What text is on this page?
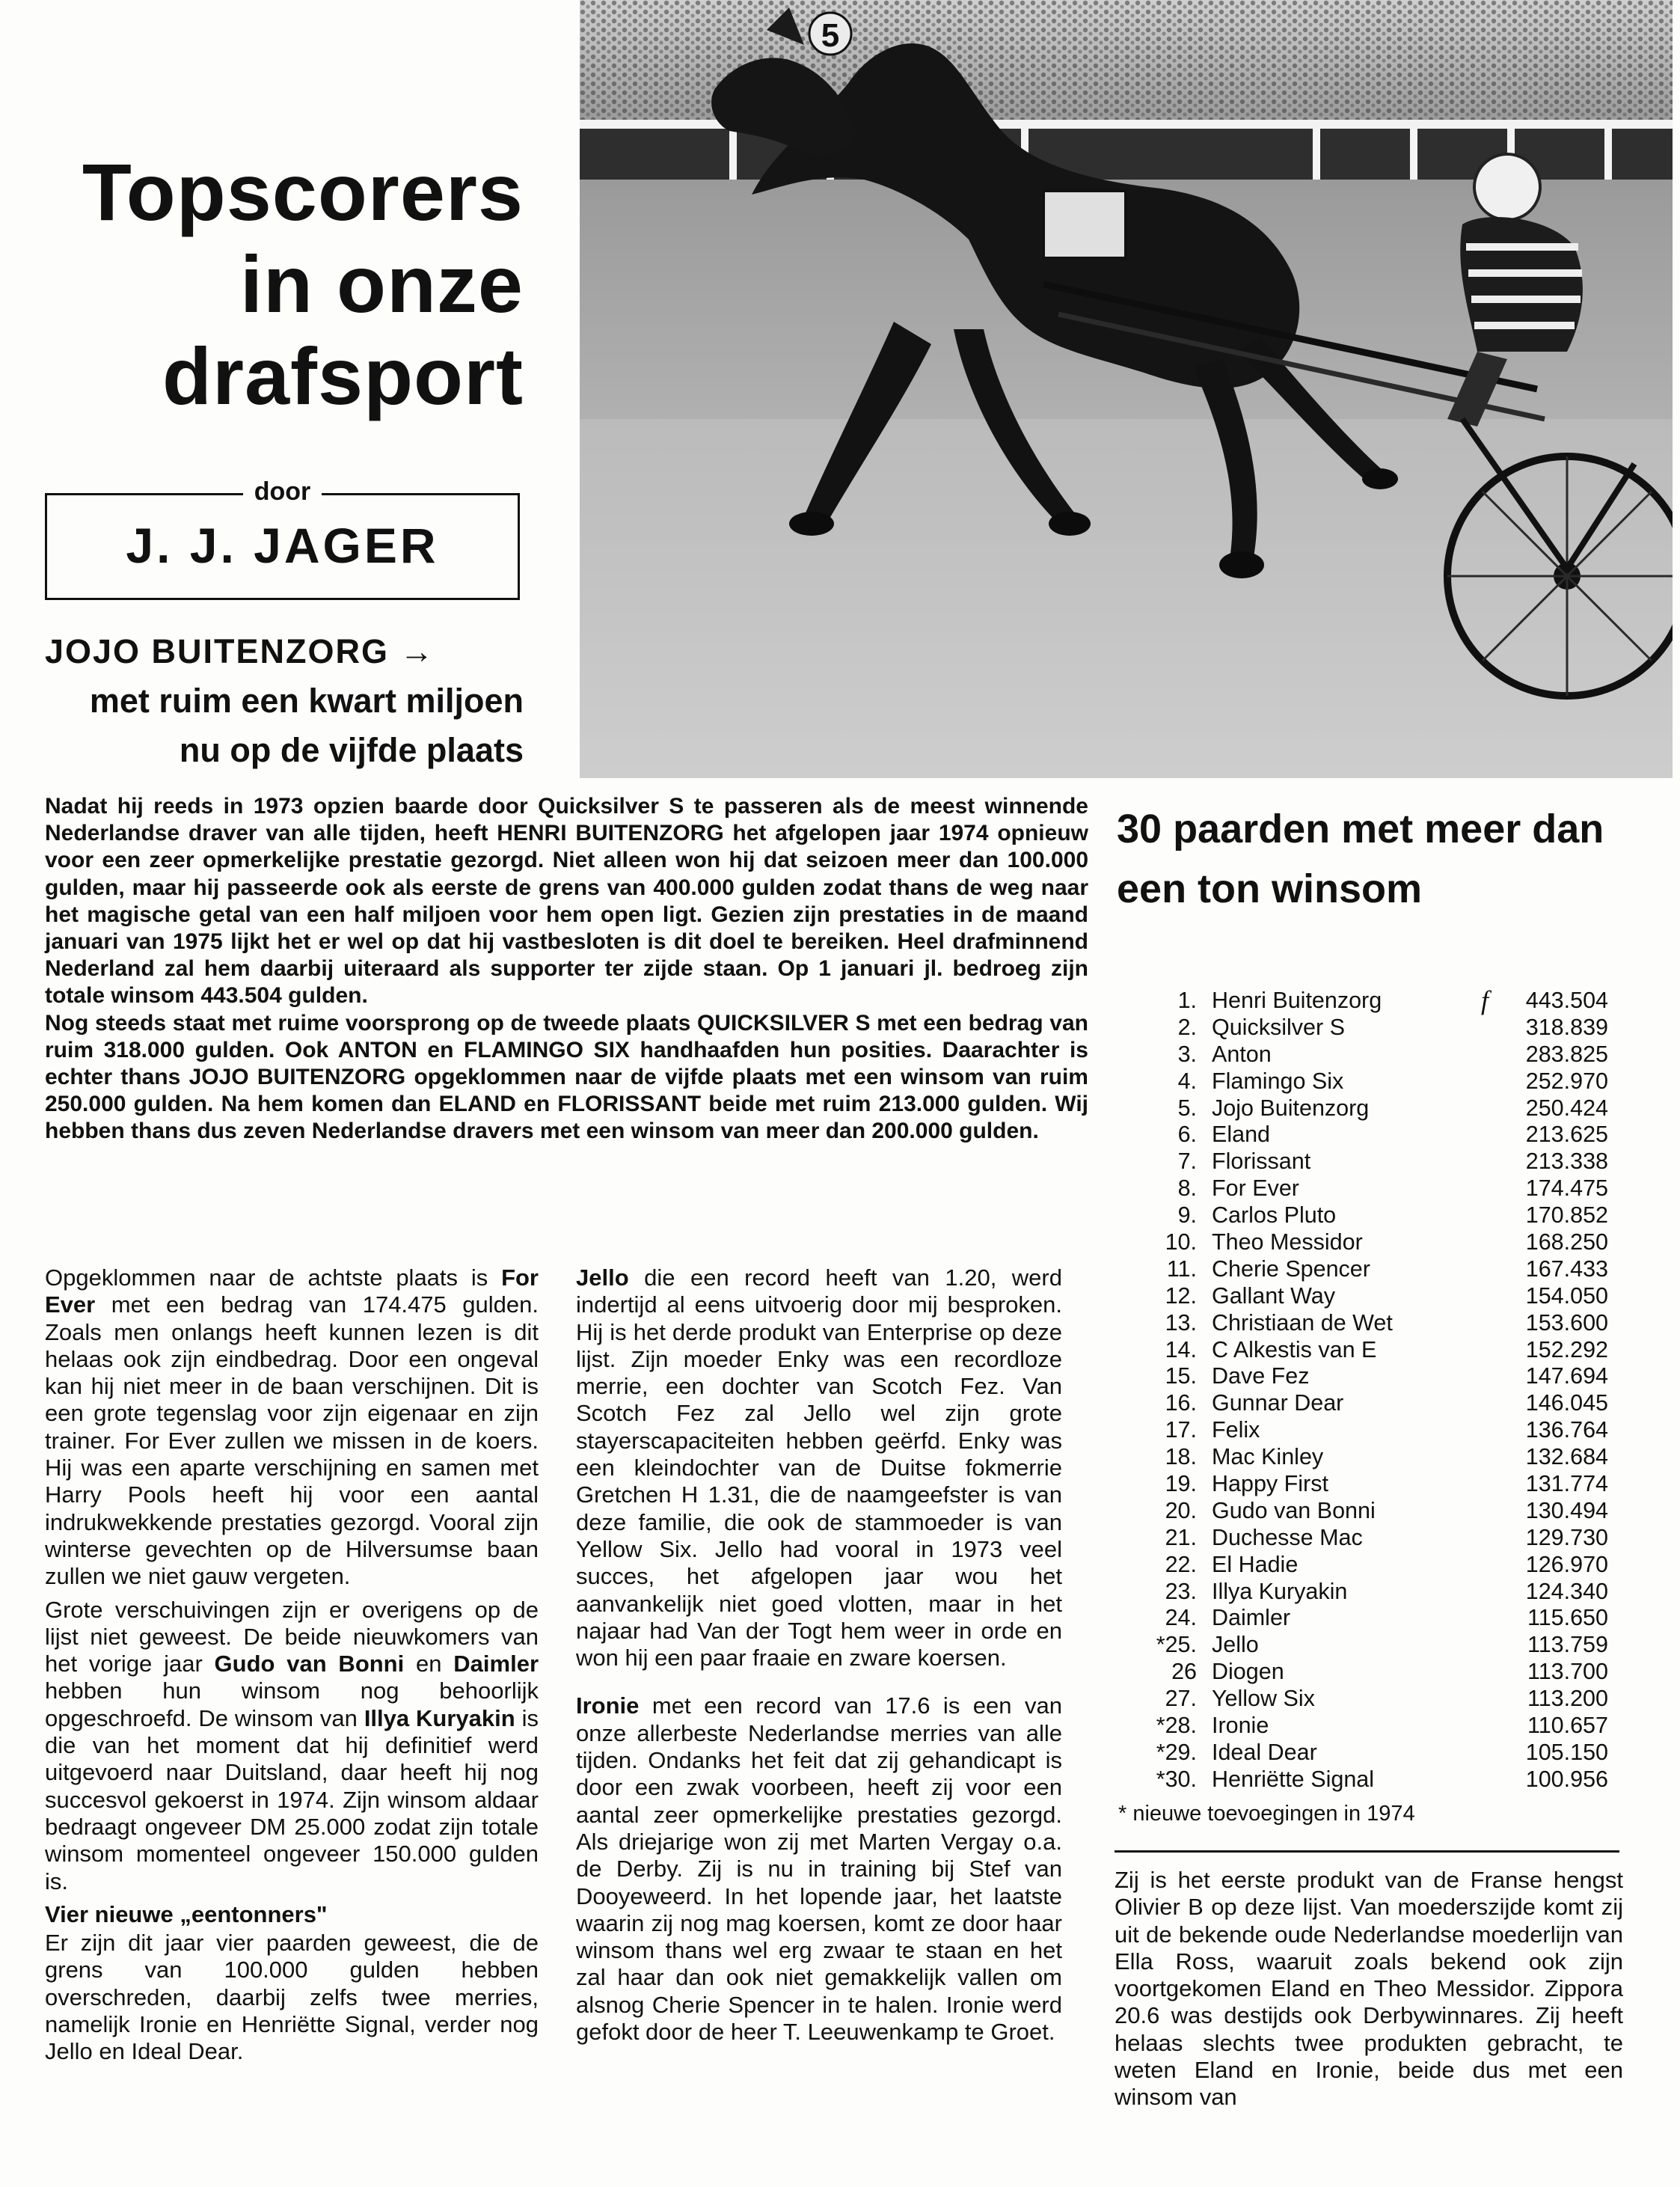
Topscorers
in onze
drafsport
door
J. J. JAGER
JOJO BUITENZORG →
met ruim een kwart miljoen
nu op de vijfde plaats
5

Nadat hij reeds in 1973 opzien baarde door Quicksilver S te passeren als de meest winnende Nederlandse draver van alle tijden, heeft HENRI BUITENZORG het afgelopen jaar 1974 opnieuw voor een zeer opmerkelijke prestatie gezorgd. Niet alleen won hij dat seizoen meer dan 100.000 gulden, maar hij passeerde ook als eerste de grens van 400.000 gulden zodat thans de weg naar het magische getal van een half miljoen voor hem open ligt. Gezien zijn prestaties in de maand januari van 1975 lijkt het er wel op dat hij vastbesloten is dit doel te bereiken. Heel drafminnend Nederland zal hem daarbij uiteraard als supporter ter zijde staan. Op 1 januari jl. bedroeg zijn totale winsom 443.504 gulden.

Nog steeds staat met ruime voorsprong op de tweede plaats QUICKSILVER S met een bedrag van ruim 318.000 gulden. Ook ANTON en FLAMINGO SIX handhaafden hun posities. Daarachter is echter thans JOJO BUITENZORG opgeklommen naar de vijfde plaats met een winsom van ruim 250.000 gulden. Na hem komen dan ELAND en FLORISSANT beide met ruim 213.000 gulden. Wij hebben thans dus zeven Nederlandse dravers met een winsom van meer dan 200.000 gulden.

Opgeklommen naar de achtste plaats is For Ever met een bedrag van 174.475 gulden. Zoals men onlangs heeft kunnen lezen is dit helaas ook zijn eindbedrag. Door een ongeval kan hij niet meer in de baan verschijnen. Dit is een grote tegenslag voor zijn eigenaar en zijn trainer. For Ever zullen we missen in de koers. Hij was een aparte verschijning en samen met Harry Pools heeft hij voor een aantal indrukwekkende prestaties gezorgd. Vooral zijn winterse gevechten op de Hilversumse baan zullen we niet gauw vergeten.

Grote verschuivingen zijn er overigens op de lijst niet geweest. De beide nieuwkomers van het vorige jaar Gudo van Bonni en Daimler hebben hun winsom nog behoorlijk opgeschroefd. De winsom van Illya Kuryakin is die van het moment dat hij definitief werd uitgevoerd naar Duitsland, daar heeft hij nog succesvol gekoerst in 1974. Zijn winsom aldaar bedraagt ongeveer DM 25.000 zodat zijn totale winsom momenteel ongeveer 150.000 gulden is.

Vier nieuwe „eentonners"

Er zijn dit jaar vier paarden geweest, die de grens van 100.000 gulden hebben overschreden, daarbij zelfs twee merries, namelijk Ironie en Henriëtte Signal, verder nog Jello en Ideal Dear.

Jello die een record heeft van 1.20, werd indertijd al eens uitvoerig door mij besproken. Hij is het derde produkt van Enterprise op deze lijst. Zijn moeder Enky was een recordloze merrie, een dochter van Scotch Fez. Van Scotch Fez zal Jello wel zijn grote stayerscapaciteiten hebben geërfd. Enky was een kleindochter van de Duitse fokmerrie Gretchen H 1.31, die de naamgeefster is van deze familie, die ook de stammoeder is van Yellow Six. Jello had vooral in 1973 veel succes, het afgelopen jaar wou het aanvankelijk niet goed vlotten, maar in het najaar had Van der Togt hem weer in orde en won hij een paar fraaie en zware koersen.

Ironie met een record van 17.6 is een van onze allerbeste Nederlandse merries van alle tijden. Ondanks het feit dat zij gehandicapt is door een zwak voorbeen, heeft zij voor een aantal zeer opmerkelijke prestaties gezorgd. Als driejarige won zij met Marten Vergay o.a. de Derby. Zij is nu in training bij Stef van Dooyeweerd. In het lopende jaar, het laatste waarin zij nog mag koersen, komt ze door haar winsom thans wel erg zwaar te staan en het zal haar dan ook niet gemakkelijk vallen om alsnog Cherie Spencer in te halen. Ironie werd gefokt door de heer T. Leeuwenkamp te Groet.

30 paarden met meer dan een ton winsom
1. Henri Buitenzorg	f 443.504
2. Quicksilver S	318.839
3. Anton	283.825
4. Flamingo Six	252.970
5. Jojo Buitenzorg	250.424
6. Eland	213.625
7. Florissant	213.338
8. For Ever	174.475
9. Carlos Pluto	170.852
10. Theo Messidor	168.250
11. Cherie Spencer	167.433
12. Gallant Way	154.050
13. Christiaan de Wet	153.600
14. C Alkestis van E	152.292
15. Dave Fez	147.694
16. Gunnar Dear	146.045
17. Felix	136.764
18. Mac Kinley	132.684
19. Happy First	131.774
20. Gudo van Bonni	130.494
21. Duchesse Mac	129.730
22. El Hadie	126.970
23. Illya Kuryakin	124.340
24. Daimler	115.650
*25. Jello	113.759
26 Diogen	113.700
27. Yellow Six	113.200
*28. Ironie	110.657
*29. Ideal Dear	105.150
*30. Henriëtte Signal	100.956
* nieuwe toevoegingen in 1974

Zij is het eerste produkt van de Franse hengst Olivier B op deze lijst. Van moederszijde komt zij uit de bekende oude Nederlandse moederlijn van Ella Ross, waaruit zoals bekend ook zijn voortgekomen Eland en Theo Messidor. Zippora 20.6 was destijds ook Derbywinnares. Zij heeft helaas slechts twee produkten gebracht, te weten Eland en Ironie, beide dus met een winsom van
